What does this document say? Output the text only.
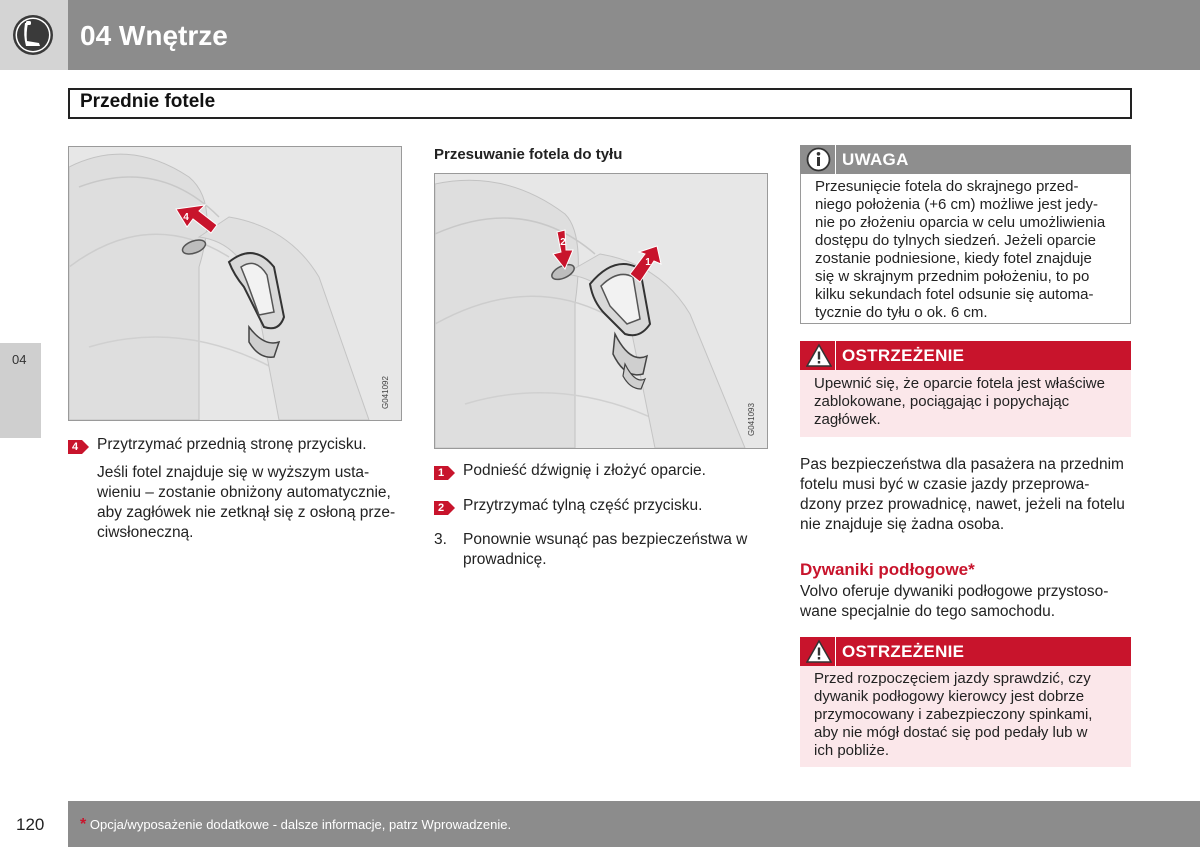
04 Wnętrze
Przednie fotele
04
4
G041092
4 Przytrzymać przednią stronę przycisku.
Jeśli fotel znajduje się w wyższym usta-
wieniu – zostanie obniżony automatycznie,
aby zagłówek nie zetknął się z osłoną prze-
ciwsłoneczną.
Przesuwanie fotela do tyłu
2
1
G041093
1 Podnieść dźwignię i złożyć oparcie.
2 Przytrzymać tylną część przycisku.
3. Ponownie wsunąć pas bezpieczeństwa w
prowadnicę.
UWAGA
Przesunięcie fotela do skrajnego przed-
niego położenia (+6 cm) możliwe jest jedy-
nie po złożeniu oparcia w celu umożliwienia
dostępu do tylnych siedzeń. Jeżeli oparcie
zostanie podniesione, kiedy fotel znajduje
się w skrajnym przednim położeniu, to po
kilku sekundach fotel odsunie się automa-
tycznie do tyłu o ok. 6 cm.
OSTRZEŻENIE
Upewnić się, że oparcie fotela jest właściwe
zablokowane, pociągając i popychając
zagłówek.
Pas bezpieczeństwa dla pasażera na przednim
fotelu musi być w czasie jazdy przeprowa-
dzony przez prowadnicę, nawet, jeżeli na fotelu
nie znajduje się żadna osoba.
Dywaniki podłogowe*
Volvo oferuje dywaniki podłogowe przystoso-
wane specjalnie do tego samochodu.
OSTRZEŻENIE
Przed rozpoczęciem jazdy sprawdzić, czy
dywanik podłogowy kierowcy jest dobrze
przymocowany i zabezpieczony spinkami,
aby nie mógł dostać się pod pedały lub w
ich pobliże.
120 * Opcja/wyposażenie dodatkowe - dalsze informacje, patrz Wprowadzenie.
